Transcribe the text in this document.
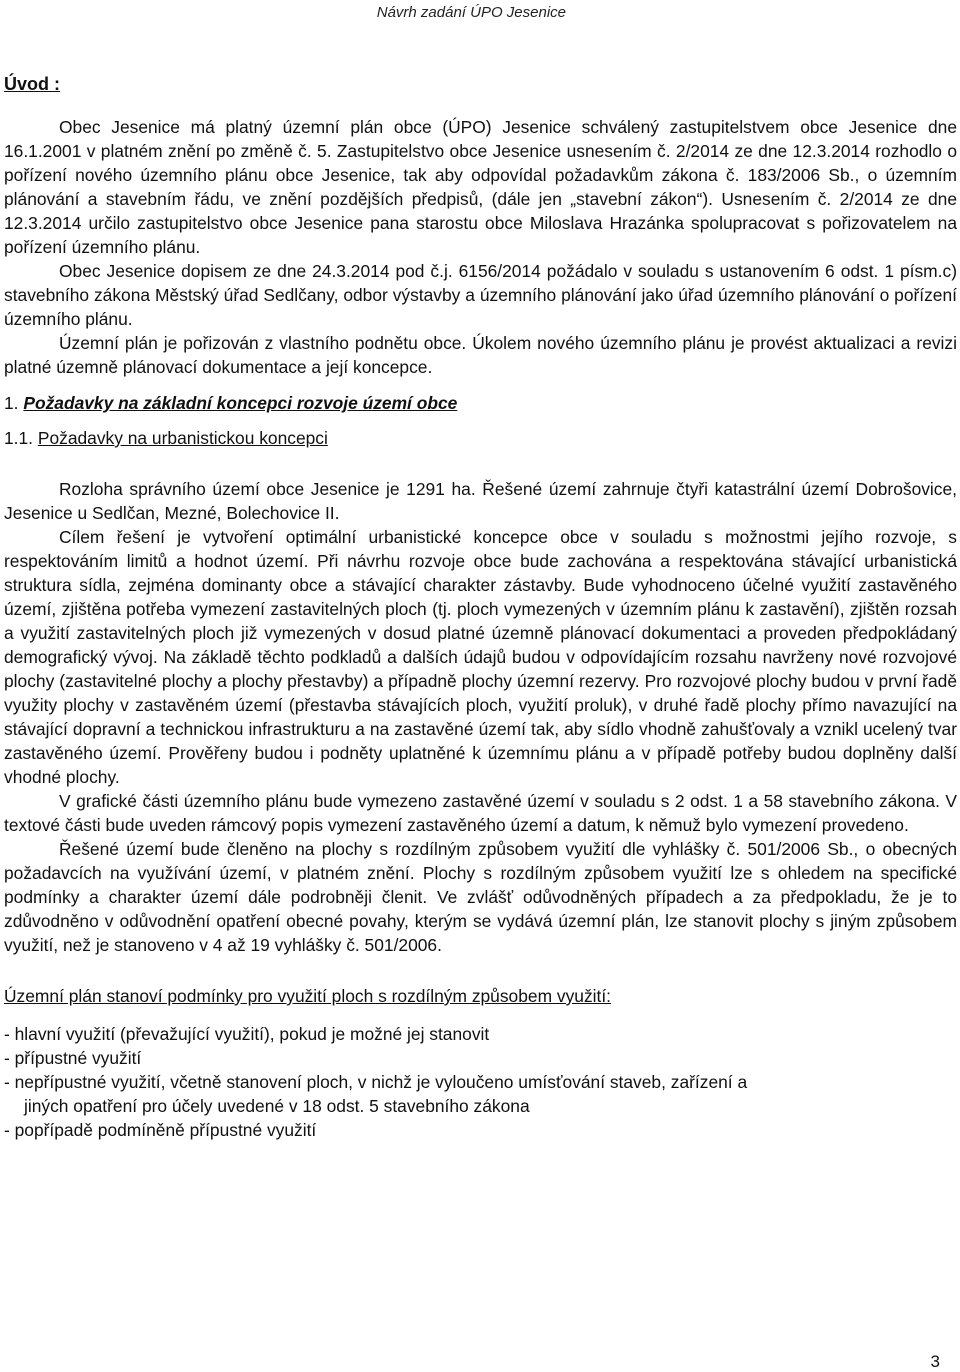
Návrh zadání ÚPO Jesenice
Úvod :

Obec Jesenice má platný územní plán obce (ÚPO) Jesenice schválený zastupitelstvem obce Jesenice dne 16.1.2001 v platném znění po změně č. 5. Zastupitelstvo obce Jesenice usnesením č. 2/2014 ze dne 12.3.2014 rozhodlo o pořízení nového územního plánu obce Jesenice, tak aby odpovídal požadavkům zákona č. 183/2006 Sb., o územním plánování a stavebním řádu, ve znění pozdějších předpisů, (dále jen „stavební zákon“). Usnesením č. 2/2014 ze dne 12.3.2014 určilo zastupitelstvo obce Jesenice pana starostu obce Miloslava Hrazánka spolupracovat s pořizovatelem na pořízení územního plánu.

Obec Jesenice dopisem ze dne 24.3.2014 pod č.j. 6156/2014 požádalo v souladu s ustanovením 6 odst. 1 písm.c) stavebního zákona Městský úřad Sedlčany, odbor výstavby a územního plánování jako úřad územního plánování o pořízení územního plánu.

Územní plán je pořizován z vlastního podnětu obce. Úkolem nového územního plánu je provést aktualizaci a revizi platné územně plánovací dokumentace a její koncepce.

1. Požadavky na základní koncepci rozvoje území obce
1.1. Požadavky na urbanistickou koncepci

Rozloha správního území obce Jesenice je 1291 ha. Řešené území zahrnuje čtyři katastrální území Dobrošovice, Jesenice u Sedlčan, Mezné, Bolechovice II.

Cílem řešení je vytvoření optimální urbanistické koncepce obce v souladu s možnostmi jejího rozvoje, s respektováním limitů a hodnot území. Při návrhu rozvoje obce bude zachována a respektována stávající urbanistická struktura sídla, zejména dominanty obce a stávající charakter zástavby. Bude vyhodnoceno účelné využití zastavěného území, zjištěna potřeba vymezení zastavitelných ploch (tj. ploch vymezených v územním plánu k zastavění), zjištěn rozsah a využití zastavitelných ploch již vymezených v dosud platné územně plánovací dokumentaci a proveden předpokládaný demografický vývoj. Na základě těchto podkladů a dalších údajů budou v odpovídajícím rozsahu navrženy nové rozvojové plochy (zastavitelné plochy a plochy přestavby) a případně plochy územní rezervy. Pro rozvojové plochy budou v první řadě využity plochy v zastavěném území (přestavba stávajících ploch, využití proluk), v druhé řadě plochy přímo navazující na stávající dopravní a technickou infrastrukturu a na zastavěné území tak, aby sídlo vhodně zahušťovaly a vznikl ucelený tvar zastavěného území. Prověřeny budou i podněty uplatněné k územnímu plánu a v případě potřeby budou doplněny další vhodné plochy.

V grafické části územního plánu bude vymezeno zastavěné území v souladu s 2 odst. 1 a 58 stavebního zákona. V textové části bude uveden rámcový popis vymezení zastavěného území a datum, k němuž bylo vymezení provedeno.

Řešené území bude členěno na plochy s rozdílným způsobem využití dle vyhlášky č. 501/2006 Sb., o obecných požadavcích na využívání území, v platném znění. Plochy s rozdílným způsobem využití lze s ohledem na specifické podmínky a charakter území dále podrobněji členit. Ve zvlášť odůvodněných případech a za předpokladu, že je to zdůvodněno v odůvodnění opatření obecné povahy, kterým se vydává územní plán, lze stanovit plochy s jiným způsobem využití, než je stanoveno v 4 až 19 vyhlášky č. 501/2006.

Územní plán stanoví podmínky pro využití ploch s rozdílným způsobem využití:
- hlavní využití (převažující využití), pokud je možné jej stanovit
- přípustné využití
- nepřípustné využití, včetně stanovení ploch, v nichž je vyloučeno umísťování staveb, zařízení a
jiných opatření pro účely uvedené v 18 odst. 5 stavebního zákona
- popřípadě podmíněně přípustné využití
3
